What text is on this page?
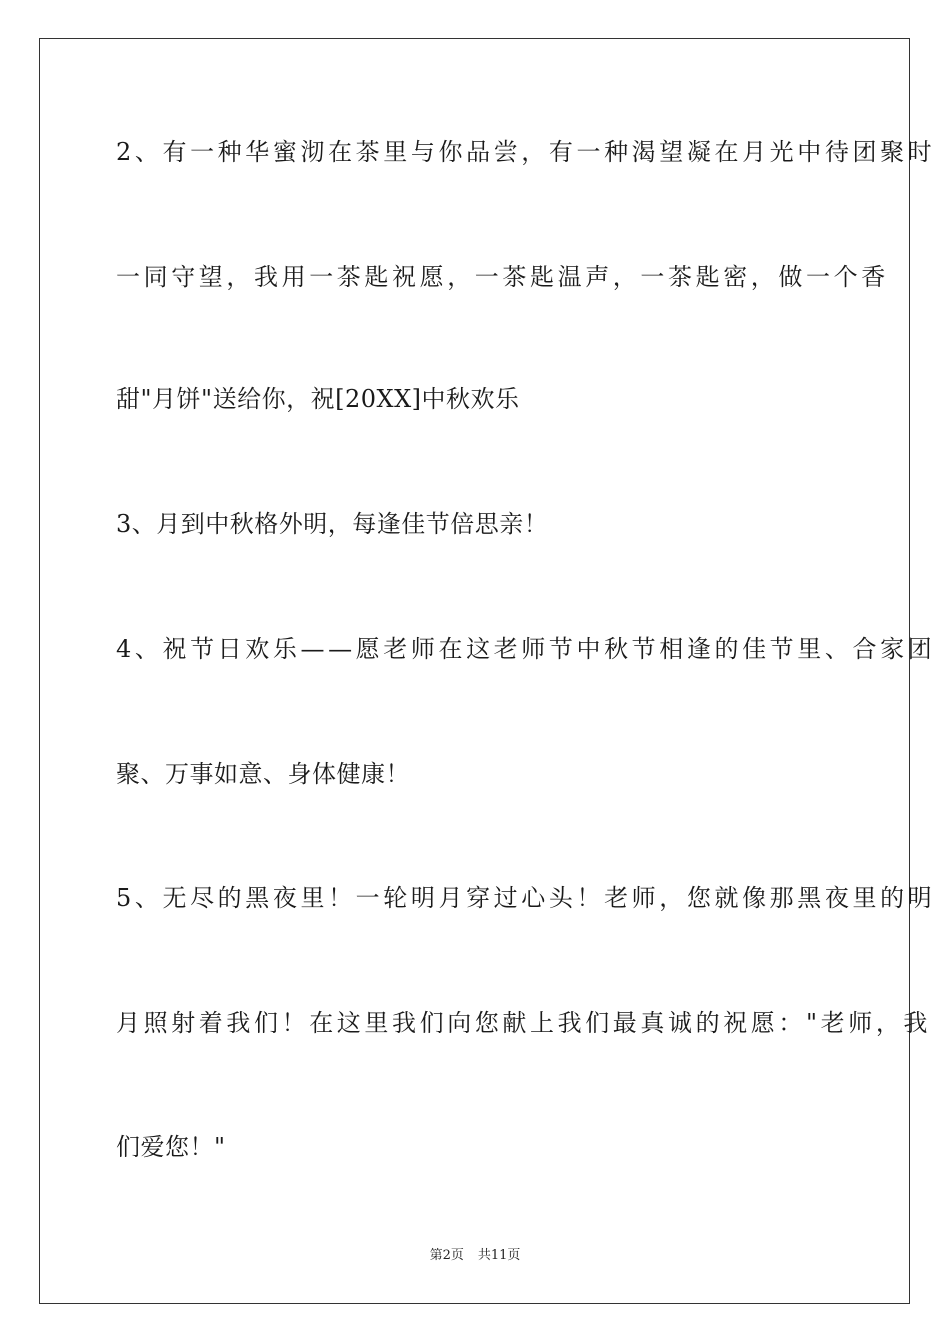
2、有一种华蜜沏在茶里与你品尝，有一种渴望凝在月光中待团聚时
一同守望，我用一茶匙祝愿，一茶匙温声，一茶匙密，做一个香
甜"月饼"送给你，祝[20XX]中秋欢乐
3、月到中秋格外明，每逢佳节倍思亲！
4、祝节日欢乐——愿老师在这老师节中秋节相逢的佳节里、合家团
聚、万事如意、身体健康！
5、无尽的黑夜里！一轮明月穿过心头！老师，您就像那黑夜里的明
月照射着我们！在这里我们向您献上我们最真诚的祝愿："老师，我
们爱您！"
第2页 共11页
